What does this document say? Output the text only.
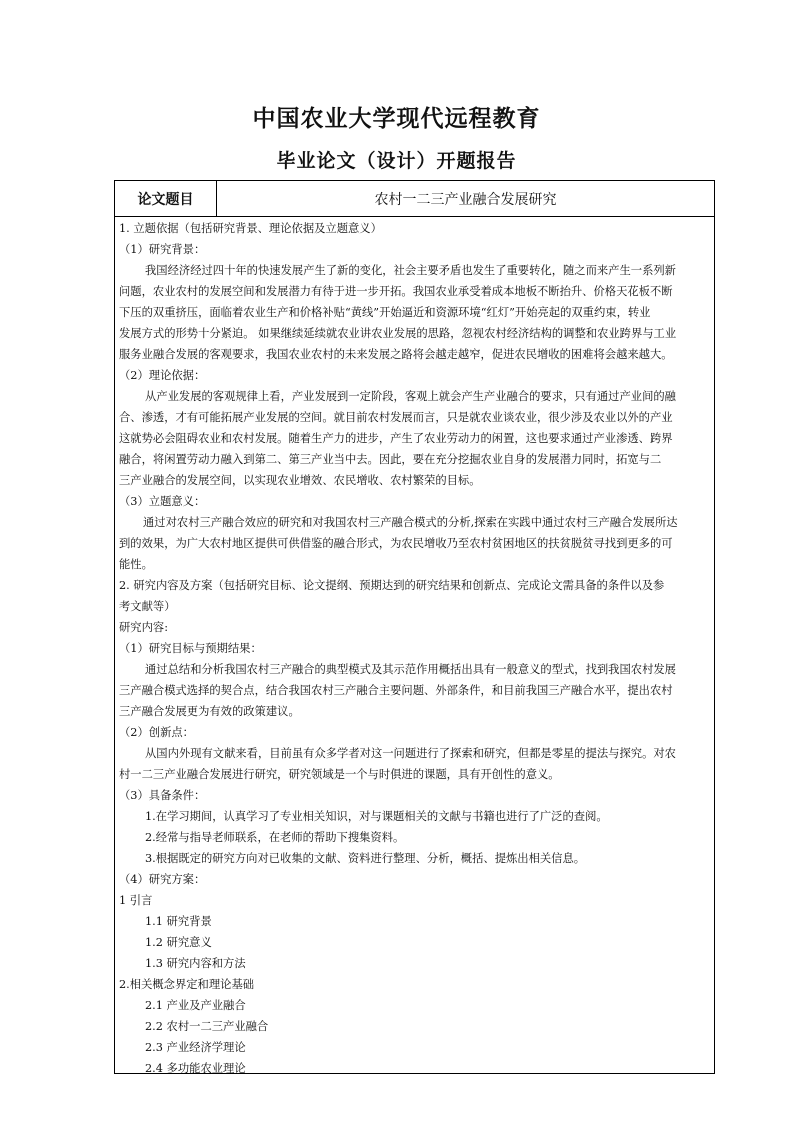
中国农业大学现代远程教育
毕业论文（设计）开题报告
论文题目	农村一二三产业融合发展研究
1. 立题依据（包括研究背景、理论依据及立题意义）
（1）研究背景：
我国经济经过四十年的快速发展产生了新的变化，社会主要矛盾也发生了重要转化，随之而来产生一系列新
问题，农业农村的发展空间和发展潜力有待于进一步开拓。我国农业承受着成本地板不断抬升、价格天花板不断
下压的双重挤压，面临着农业生产和价格补贴“黄线”开始逼近和资源环境“红灯”开始亮起的双重约束，转业
发展方式的形势十分紧迫。 如果继续延续就农业讲农业发展的思路，忽视农村经济结构的调整和农业跨界与工业
服务业融合发展的客观要求，我国农业农村的未来发展之路将会越走越窄，促进农民增收的困难将会越来越大。
（2）理论依据：
从产业发展的客观规律上看，产业发展到一定阶段，客观上就会产生产业融合的要求，只有通过产业间的融
合、渗透，才有可能拓展产业发展的空间。就目前农村发展而言，只是就农业谈农业，很少涉及农业以外的产业
这就势必会阻碍农业和农村发展。随着生产力的进步，产生了农业劳动力的闲置，这也要求通过产业渗透、跨界
融合，将闲置劳动力融入到第二、第三产业当中去。因此，要在充分挖掘农业自身的发展潜力同时，拓宽与二
三产业融合的发展空间，以实现农业增效、农民增收、农村繁荣的目标。
（3）立题意义：
通过对农村三产融合效应的研究和对我国农村三产融合模式的分析,探索在实践中通过农村三产融合发展所达
到的效果，为广大农村地区提供可供借鉴的融合形式，为农民增收乃至农村贫困地区的扶贫脱贫寻找到更多的可
能性。
2. 研究内容及方案（包括研究目标、论文提纲、预期达到的研究结果和创新点、完成论文需具备的条件以及参
考文献等）
研究内容:
（1）研究目标与预期结果：
通过总结和分析我国农村三产融合的典型模式及其示范作用概括出具有一般意义的型式，找到我国农村发展
三产融合模式选择的契合点，结合我国农村三产融合主要问题、外部条件，和目前我国三产融合水平，提出农村
三产融合发展更为有效的政策建议。
（2）创新点：
从国内外现有文献来看，目前虽有众多学者对这一问题进行了探索和研究，但都是零星的提法与探究。对农
村一二三产业融合发展进行研究，研究领域是一个与时俱进的课题，具有开创性的意义。
（3）具备条件：
1.在学习期间，认真学习了专业相关知识，对与课题相关的文献与书籍也进行了广泛的查阅。
2.经常与指导老师联系，在老师的帮助下搜集资料。
3.根据既定的研究方向对已收集的文献、资料进行整理、分析，概括、提炼出相关信息。
（4）研究方案：
1 引言
1.1 研究背景
1.2 研究意义
1.3 研究内容和方法
2.相关概念界定和理论基础
2.1 产业及产业融合
2.2 农村一二三产业融合
2.3 产业经济学理论
2.4 多功能农业理论
